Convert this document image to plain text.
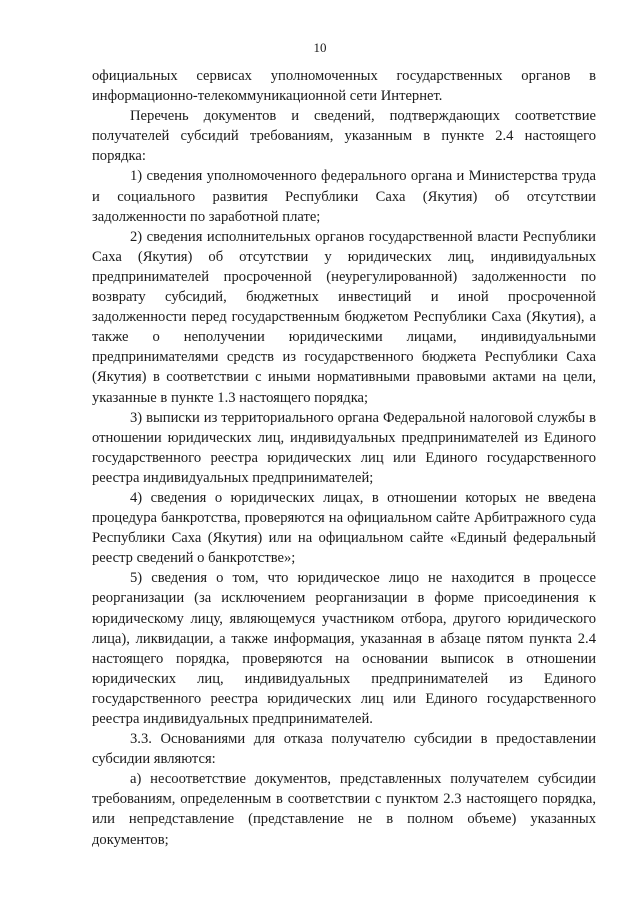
10

официальных сервисах уполномоченных государственных органов в информационно-телекоммуникационной сети Интернет.

Перечень документов и сведений, подтверждающих соответствие получателей субсидий требованиям, указанным в пункте 2.4 настоящего порядка:

1) сведения уполномоченного федерального органа и Министерства труда и социального развития Республики Саха (Якутия) об отсутствии задолженности по заработной плате;

2) сведения исполнительных органов государственной власти Республики Саха (Якутия) об отсутствии у юридических лиц, индивидуальных предпринимателей просроченной (неурегулированной) задолженности по возврату субсидий, бюджетных инвестиций и иной просроченной задолженности перед государственным бюджетом Республики Саха (Якутия), а также о неполучении юридическими лицами, индивидуальными предпринимателями средств из государственного бюджета Республики Саха (Якутия) в соответствии с иными нормативными правовыми актами на цели, указанные в пункте 1.3 настоящего порядка;

3) выписки из территориального органа Федеральной налоговой службы в отношении юридических лиц, индивидуальных предпринимателей из Единого государственного реестра юридических лиц или Единого государственного реестра индивидуальных предпринимателей;

4) сведения о юридических лицах, в отношении которых не введена процедура банкротства, проверяются на официальном сайте Арбитражного суда Республики Саха (Якутия) или на официальном сайте «Единый федеральный реестр сведений о банкротстве»;

5) сведения о том, что юридическое лицо не находится в процессе реорганизации (за исключением реорганизации в форме присоединения к юридическому лицу, являющемуся участником отбора, другого юридического лица), ликвидации, а также информация, указанная в абзаце пятом пункта 2.4 настоящего порядка, проверяются на основании выписок в отношении юридических лиц, индивидуальных предпринимателей из Единого государственного реестра юридических лиц или Единого государственного реестра индивидуальных предпринимателей.

3.3. Основаниями для отказа получателю субсидии в предоставлении субсидии являются:

а) несоответствие документов, представленных получателем субсидии требованиям, определенным в соответствии с пунктом 2.3 настоящего порядка, или непредставление (представление не в полном объеме) указанных документов;
